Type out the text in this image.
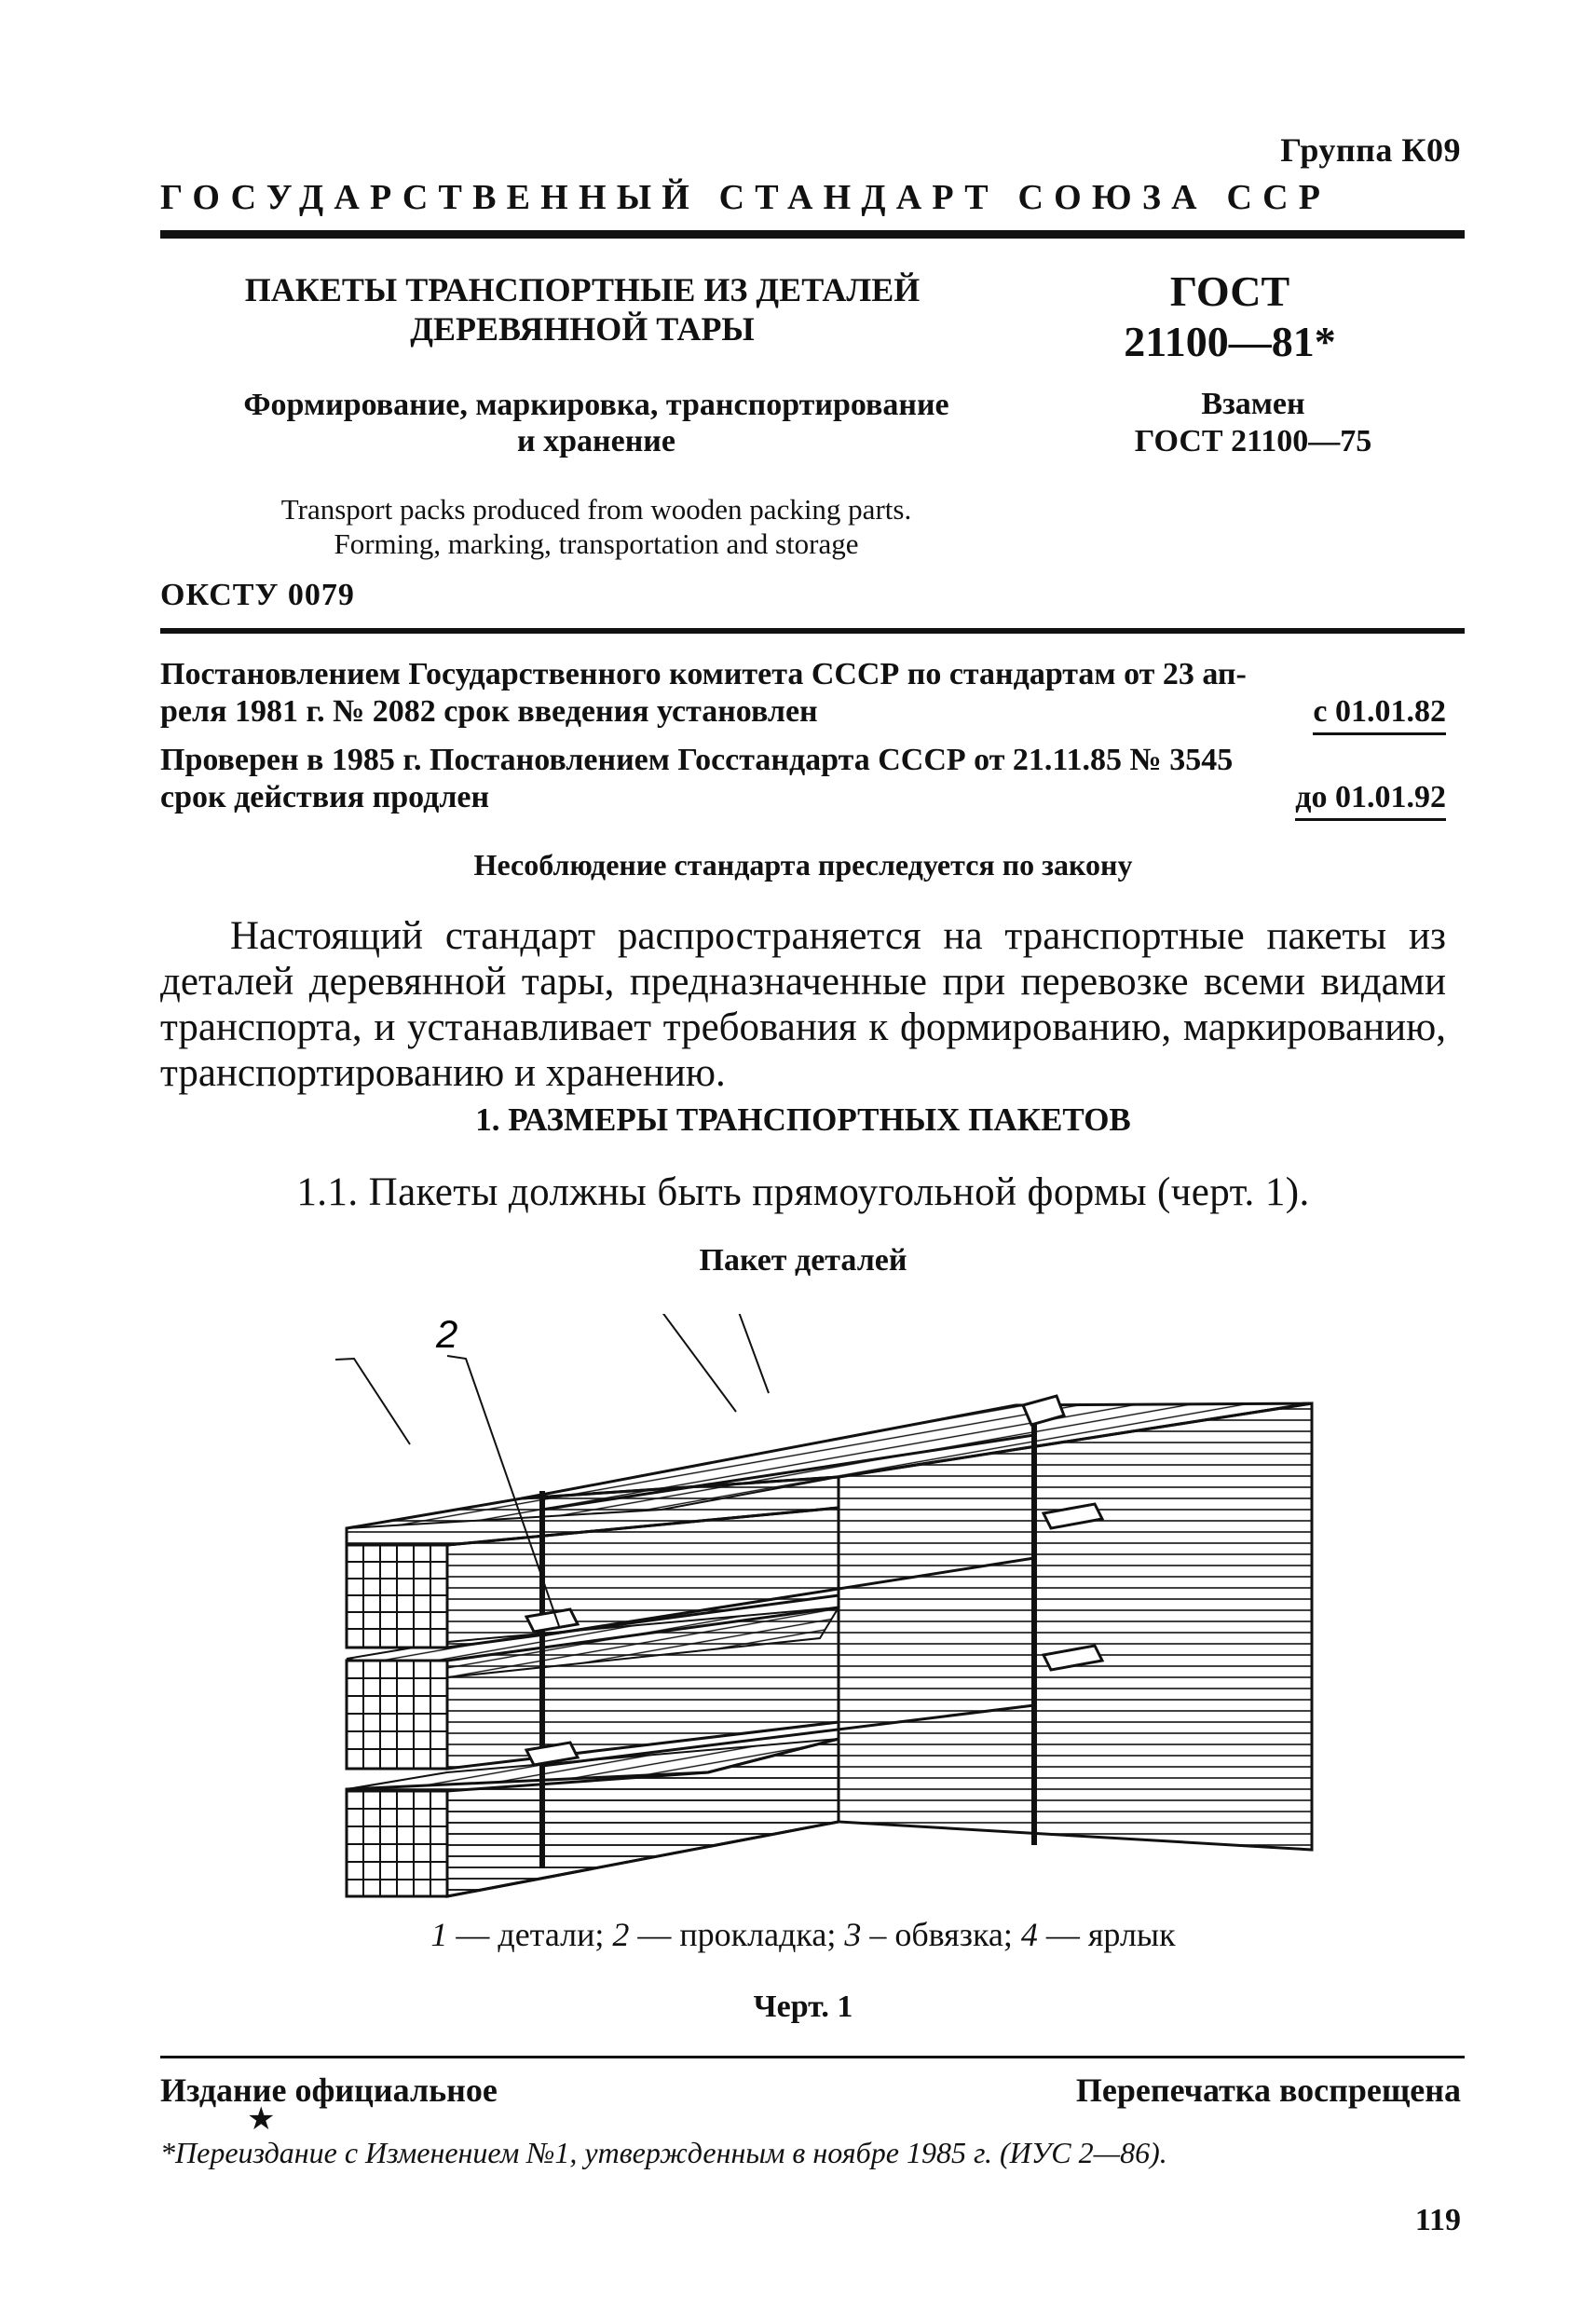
Группа К09
ГОСУДАРСТВЕННЫЙ СТАНДАРТ СОЮЗА ССР
ПАКЕТЫ ТРАНСПОРТНЫЕ ИЗ ДЕТАЛЕЙ
ДЕРЕВЯННОЙ ТАРЫ
ГОСТ
21100—81*
Формирование, маркировка, транспортирование
и хранение
Взамен
ГОСТ 21100—75
Transport packs produced from wooden packing parts.
Forming, marking, transportation and storage
ОКСТУ 0079
Постановлением Государственного комитета СССР по стандартам от 23 ап-
реля 1981 г. № 2082 срок введения установлен	с 01.01.82
Проверен в 1985 г. Постановлением Госстандарта СССР от 21.11.85 № 3545
срок действия продлен	до 01.01.92
Несоблюдение стандарта преследуется по закону
Настоящий стандарт распространяется на транспортные пакеты из деталей деревянной тары, предназначенные при перевозке всеми видами транспорта, и устанавливает требования к формированию, маркированию, транспортированию и хранению.
1. РАЗМЕРЫ ТРАНСПОРТНЫХ ПАКЕТОВ
1.1. Пакеты должны быть прямоугольной формы (черт. 1).
Пакет деталей
2
1 — детали; 2 — прокладка; 3 – обвязка; 4 — ярлык
Черт. 1
Издание официальное	Перепечатка воспрещена
★
*Переиздание с Изменением №1, утвержденным в ноябре 1985 г. (ИУС 2—86).
119
